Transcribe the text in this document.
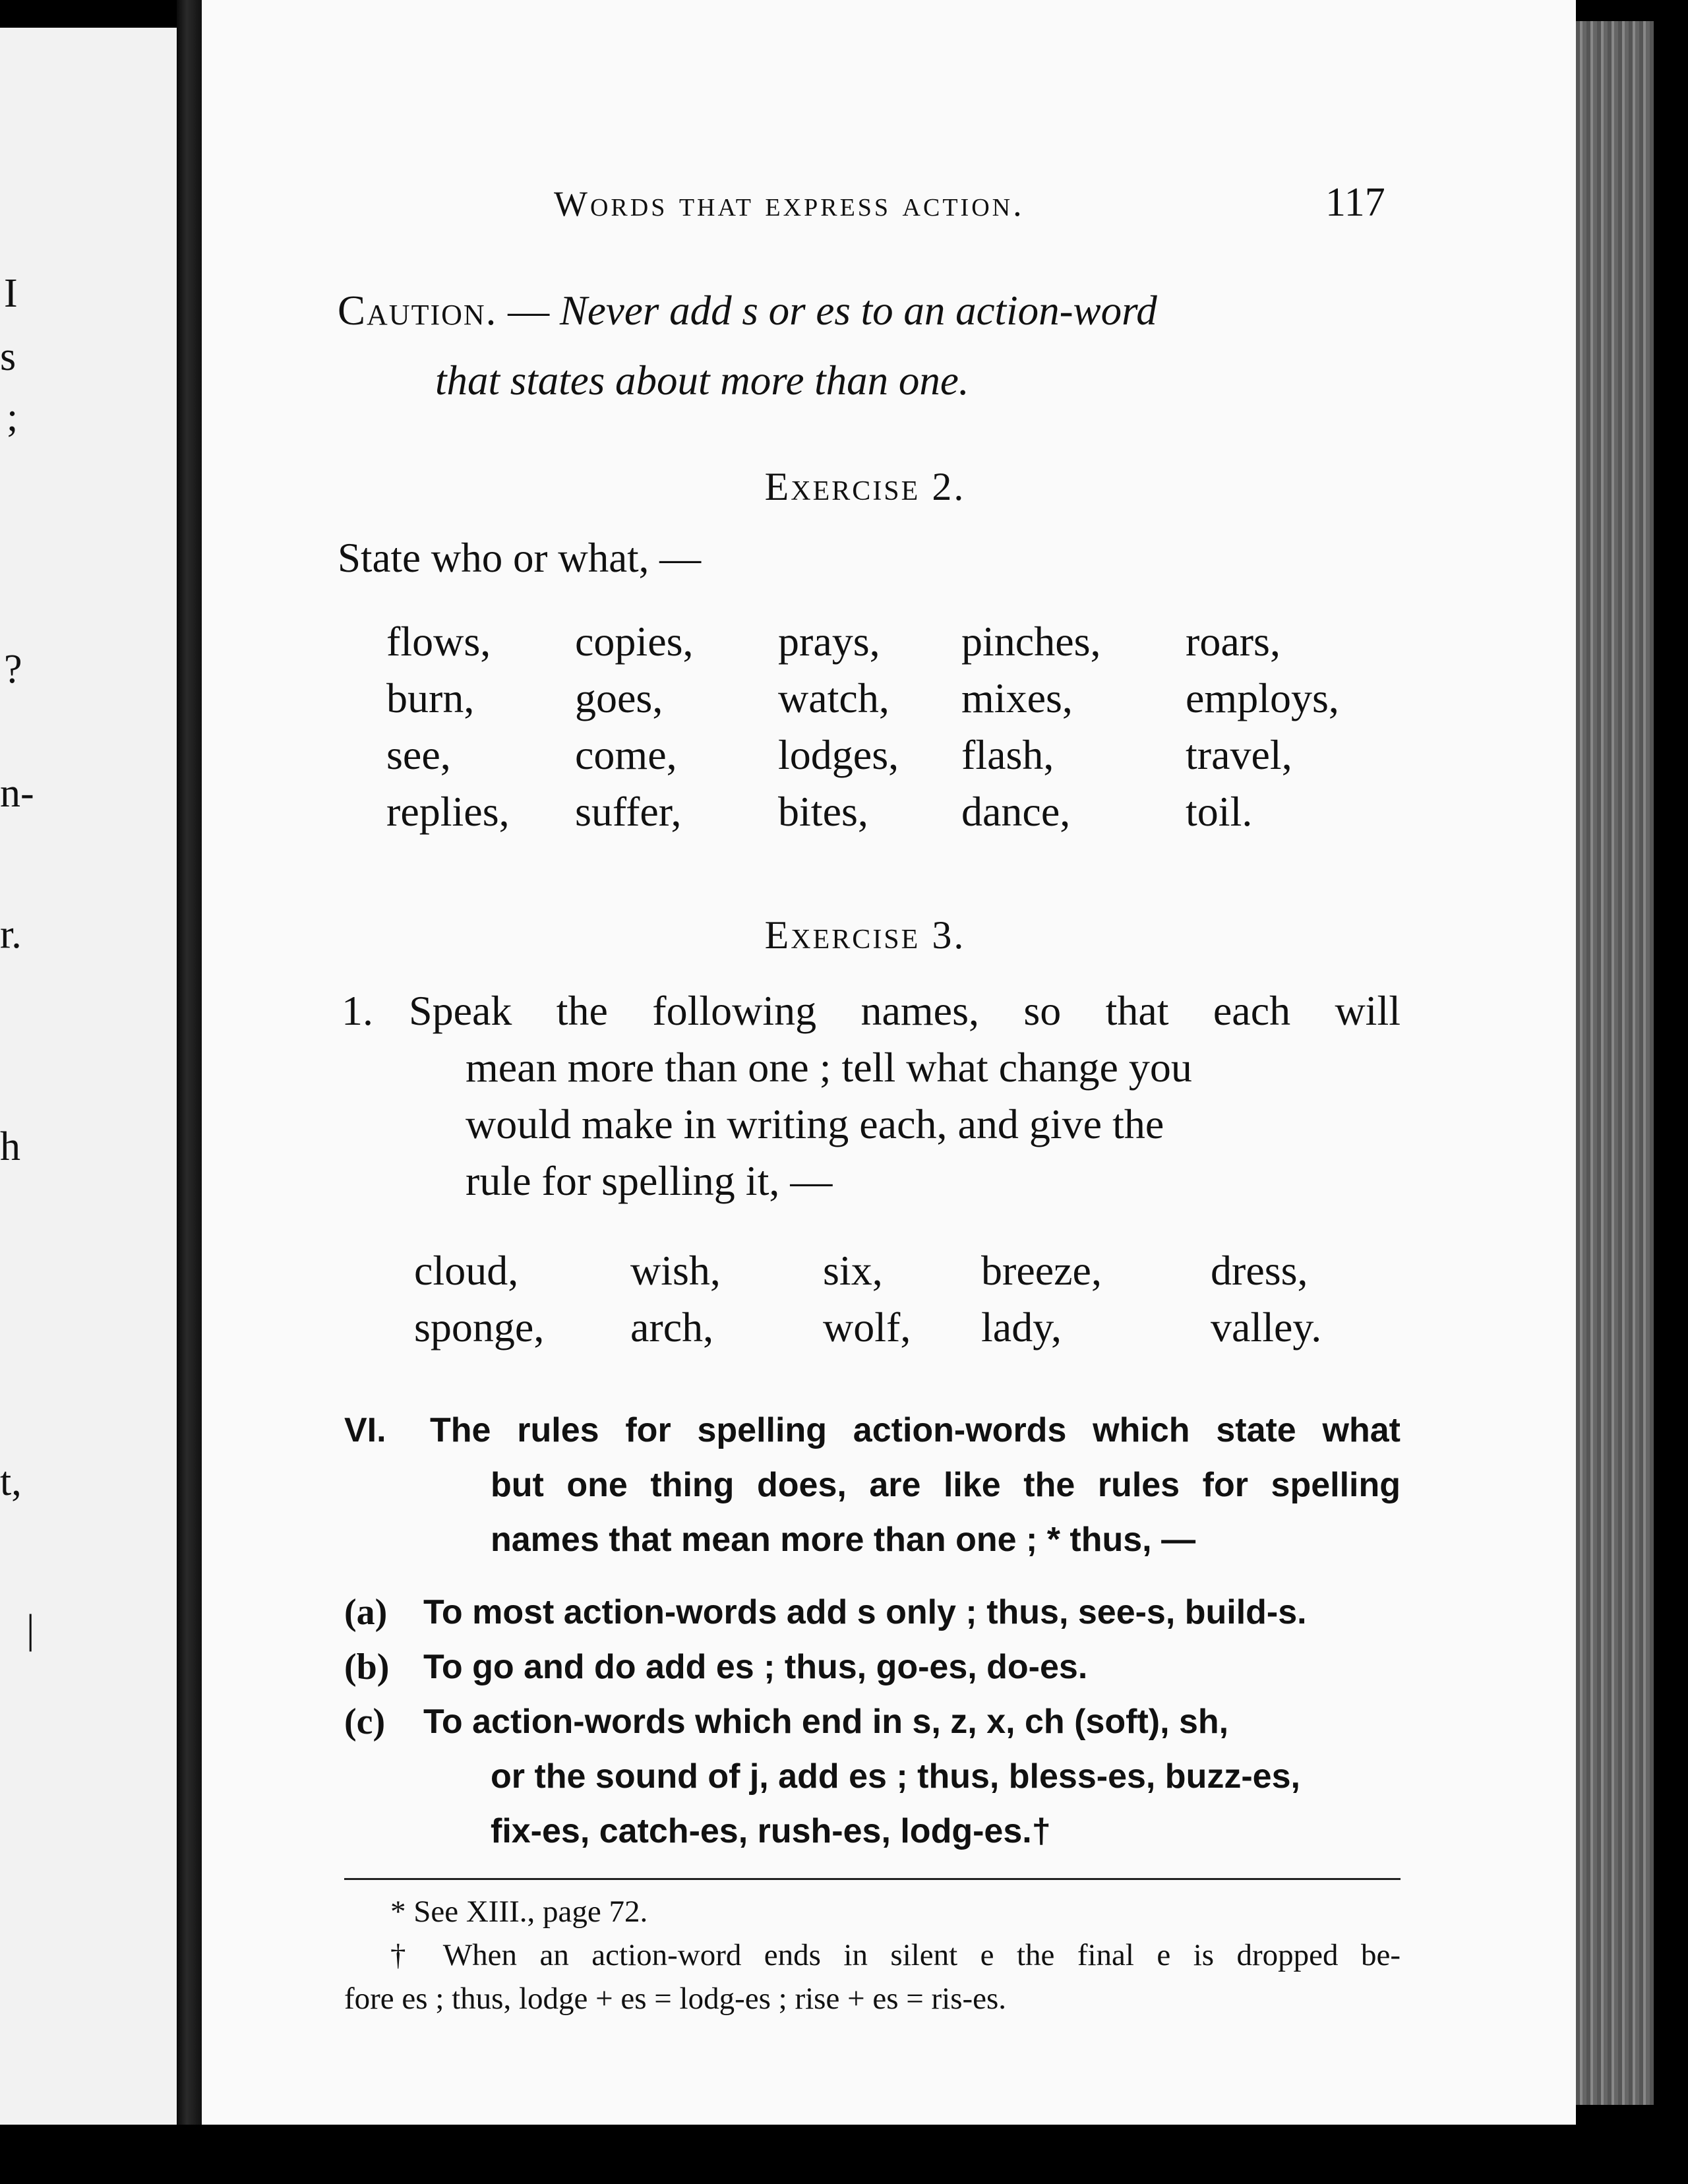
I
s
;
?
n-
r.
h
t,
|
Words that express action.	117
Caution. — Never add s or es to an action-word
that states about more than one.
Exercise 2.
State who or what, —
flows,	copies,	prays,	pinches,	roars,
burn,	goes,	watch,	mixes,	employs,
see,	come,	lodges,	flash,	travel,
replies,	suffer,	bites,	dance,	toil.
Exercise 3.
1. Speak the following names, so that each will
mean more than one ; tell what change you
would make in writing each, and give the
rule for spelling it, —
cloud,	wish,	six,	breeze,	dress,
sponge,	arch,	wolf,	lady,	valley.
VI.	The rules for spelling action-words which state what
but one thing does, are like the rules for spelling
names that mean more than one ; * thus, —
(a)	To most action-words add s only ; thus, see-s, build-s.
(b) To go and do add es ; thus, go-es, do-es.
(c)	To action-words which end in s, z, x, ch (soft), sh,
or the sound of j, add es ; thus, bless-es, buzz-es,
fix-es, catch-es, rush-es, lodg-es.†
* See XIII., page 72.
† When an action-word ends in silent e the final e is dropped be-
fore es ; thus, lodge + es = lodg-es ; rise + es = ris-es.
